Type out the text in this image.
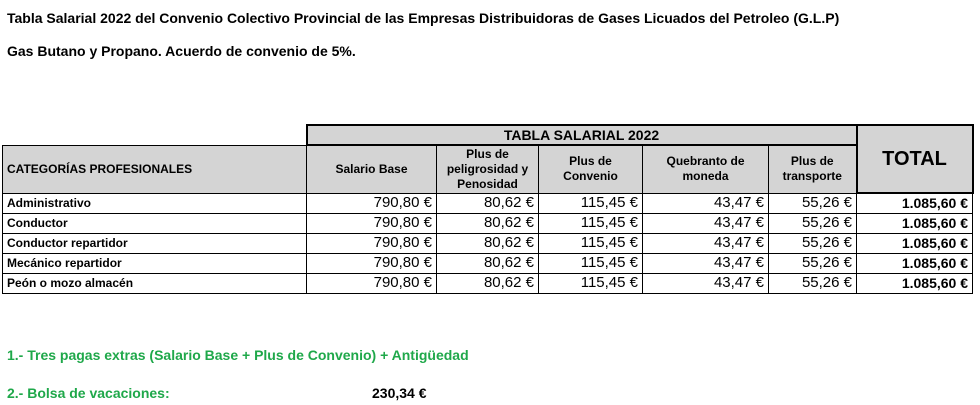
Tabla Salarial 2022 del Convenio Colectivo Provincial de las Empresas Distribuidoras de Gases Licuados del Petroleo (G.L.P)
Gas Butano y Propano. Acuerdo de convenio de 5%.
	TABLA SALARIAL 2022					TOTAL
CATEGORÍAS PROFESIONALES	Salario Base	Plus de peligrosidad y Penosidad	Plus de Convenio	Quebranto de moneda	Plus de transporte	
Administrativo	790,80 €	80,62 €	115,45 €	43,47 €	55,26 €	1.085,60 €
Conductor	790,80 €	80,62 €	115,45 €	43,47 €	55,26 €	1.085,60 €
Conductor repartidor	790,80 €	80,62 €	115,45 €	43,47 €	55,26 €	1.085,60 €
Mecánico repartidor	790,80 €	80,62 €	115,45 €	43,47 €	55,26 €	1.085,60 €
Peón o mozo almacén	790,80 €	80,62 €	115,45 €	43,47 €	55,26 €	1.085,60 €
1.- Tres pagas extras (Salario Base + Plus de Convenio) + Antigüedad
2.- Bolsa de vacaciones:	230,34 €
